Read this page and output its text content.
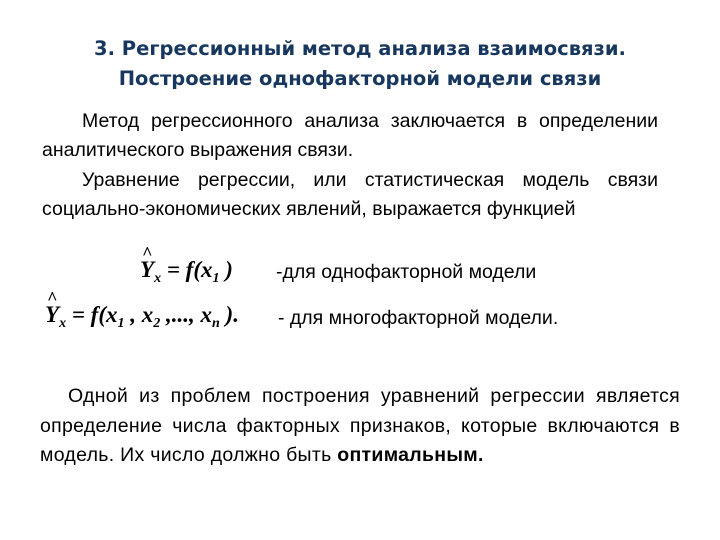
3. Регрессионный метод анализа взаимосвязи.
Построение однофакторной модели связи

Метод регрессионного анализа заключается в определении аналитического выражения связи.

Уравнение регрессии, или статистическая модель связи социально-экономических явлений, выражается функцией

^ $Y_x = f(x_1$ ) -для однофакторной модели
^ $Y_x = f(x_1$ , $x_2$ ,..., $x_n$ ). - для многофакторной модели.

Одной из проблем построения уравнений регрессии является определение числа факторных признаков, которые включаются в модель. Их число должно быть оптимальным.
